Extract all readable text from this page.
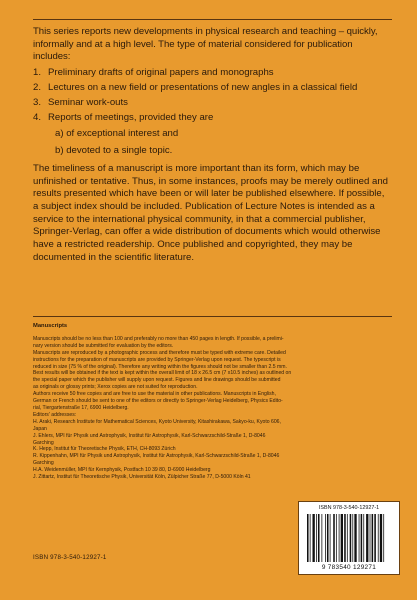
This series reports new developments in physical research and teaching – quickly, informally and at a high level. The type of material considered for publication includes:

1. Preliminary drafts of original papers and monographs
2. Lectures on a new field or presentations of new angles in a classical field
3. Seminar work-outs
4. Reports of meetings, provided they are
a) of exceptional interest and
b) devoted to a single topic.

The timeliness of a manuscript is more important than its form, which may be unfinished or tentative. Thus, in some instances, proofs may be merely outlined and results presented which have been or will later be published elsewhere. If possible, a subject index should be included. Publication of Lecture Notes is intended as a service to the international physical community, in that a commercial publisher, Springer-Verlag, can offer a wide distribution of documents which would otherwise have a restricted readership. Once published and copyrighted, they may be documented in the scientific literature.

Manuscripts
Manuscripts should be no less than 100 and preferably no more than 450 pages in length. If possible, a prelimi-
nary version should be submitted for evaluation by the editors.
Manuscripts are reproduced by a photographic process and therefore must be typed with extreme care. Detailed
instructions for the preparation of manuscripts are provided by Springer-Verlag upon request. The typescript is
reduced in size (75 % of the original). Therefore any writing within the figures should not be smaller than 2.5 mm.
Best results will be obtained if the text is kept within the overall limit of 18 x 26.5 cm (7 x10.5 inches) as outlined on
the special paper which the publisher will supply upon request. Figures and line drawings should be submitted
as originals or glossy prints; Xerox copies are not suited for reproduction.
Authors receive 50 free copies and are free to use the material in other publications. Manuscripts in English,
German or French should be sent to one of the editors or directly to Springer-Verlag Heidelberg, Physics Edito-
rial, Tiergartenstraße 17, 6900 Heidelberg.
Editors' addresses:
H. Araki, Research Institute for Mathematical Sciences, Kyoto University, Kitashirakawa, Sakyo-ku, Kyoto 606,
Japan
J. Ehlers, MPI für Physik und Astrophysik, Institut für Astrophysik, Karl-Schwarzschild-Straße 1, D-8046
Garching
K. Hepp, Institut für Theoretische Physik, ETH, CH-8093 Zürich
R. Kippenhahn, MPI für Physik und Astrophysik, Institut für Astrophysik, Karl-Schwarzschild-Straße 1, D-8046
Garching
H.A. Weidenmüller, MPI für Kernphysik, Postfach 10 39 80, D-6900 Heidelberg
J. Zittartz, Institut für Theoretische Physik, Universität Köln, Zülpicher Straße 77, D-5000 Köln 41
ISBN 978-3-540-12927-1
ISBN 978-3-540-12927-1
9 783540 129271
